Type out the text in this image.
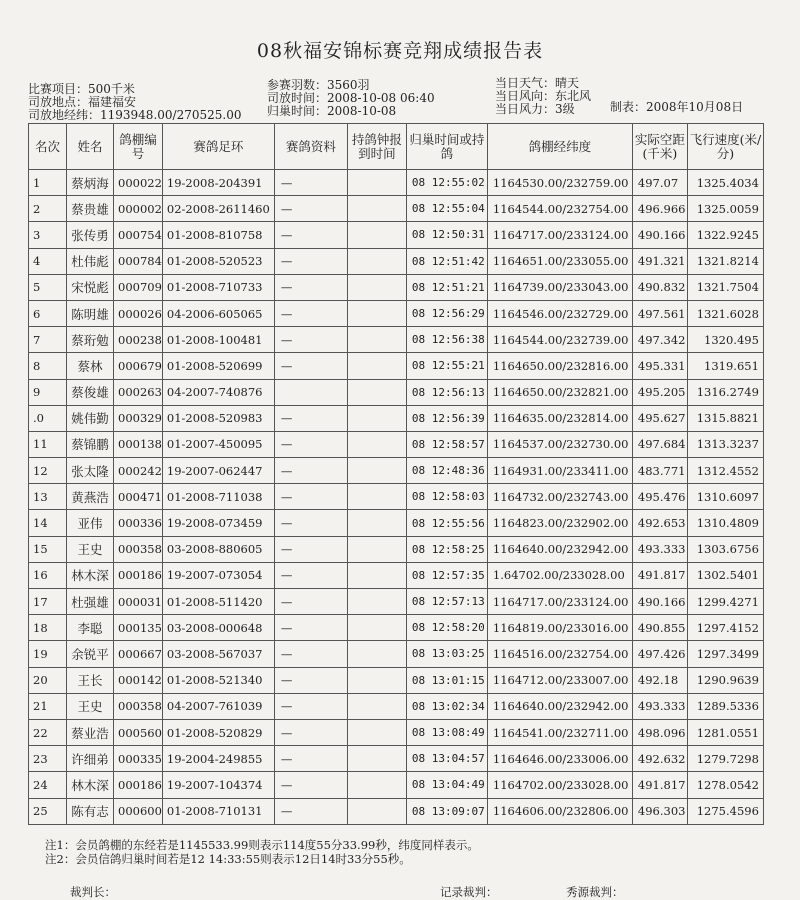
08秋福安锦标赛竞翔成绩报告表
比赛项目：500千米
司放地点：福建福安
司放地经纬：1193948.00/270525.00
参赛羽数：3560羽
司放时间：2008-10-08 06:40
归巢时间：2008-10-08
当日天气：晴天
当日风向：东北风
当日风力：3级	制表：2008年10月08日
名次	姓名	鸽棚编号	赛鸽足环	赛鸽资料	持鸽钟报到时间	归巢时间或持鸽	鸽棚经纬度	实际空距(千米)	飞行速度(米/分)
1	蔡炳海	000022	19-2008-204391	—		08 12:55:02	1164530.00/232759.00	497.07	1325.4034
2	蔡贵雄	000002	02-2008-2611460	—		08 12:55:04	1164544.00/232754.00	496.966	1325.0059
3	张传勇	000754	01-2008-810758	—		08 12:50:31	1164717.00/233124.00	490.166	1322.9245
4	杜伟彪	000784	01-2008-520523	—		08 12:51:42	1164651.00/233055.00	491.321	1321.8214
5	宋悦彪	000709	01-2008-710733	—		08 12:51:21	1164739.00/233043.00	490.832	1321.7504
6	陈明雄	000026	04-2006-605065	—		08 12:56:29	1164546.00/232729.00	497.561	1321.6028
7	蔡珩勉	000238	01-2008-100481	—		08 12:56:38	1164544.00/232739.00	497.342	1320.495
8	蔡林	000679	01-2008-520699	—		08 12:55:21	1164650.00/232816.00	495.331	1319.651
9	蔡俊雄	000263	04-2007-740876			08 12:56:13	1164650.00/232821.00	495.205	1316.2749
.0	姚伟勤	000329	01-2008-520983	—		08 12:56:39	1164635.00/232814.00	495.627	1315.8821
11	蔡锦鹏	000138	01-2007-450095	—		08 12:58:57	1164537.00/232730.00	497.684	1313.3237
12	张太隆	000242	19-2007-062447	—		08 12:48:36	1164931.00/233411.00	483.771	1312.4552
13	黄燕浩	000471	01-2008-711038	—		08 12:58:03	1164732.00/232743.00	495.476	1310.6097
14	亚伟	000336	19-2008-073459	—		08 12:55:56	1164823.00/232902.00	492.653	1310.4809
15	王史	000358	03-2008-880605	—		08 12:58:25	1164640.00/232942.00	493.333	1303.6756
16	林木深	000186	19-2007-073054	—		08 12:57:35	1.64702.00/233028.00	491.817	1302.5401
17	杜强雄	000031	01-2008-511420	—		08 12:57:13	1164717.00/233124.00	490.166	1299.4271
18	李聪	000135	03-2008-000648	—		08 12:58:20	1164819.00/233016.00	490.855	1297.4152
19	余锐平	000667	03-2008-567037	—		08 13:03:25	1164516.00/232754.00	497.426	1297.3499
20	王长	000142	01-2008-521340	—		08 13:01:15	1164712.00/233007.00	492.18	1290.9639
21	王史	000358	04-2007-761039	—		08 13:02:34	1164640.00/232942.00	493.333	1289.5336
22	蔡业浩	000560	01-2008-520829	—		08 13:08:49	1164541.00/232711.00	498.096	1281.0551
23	许细弟	000335	19-2004-249855	—		08 13:04:57	1164646.00/233006.00	492.632	1279.7298
24	林木深	000186	19-2007-104374	—		08 13:04:49	1164702.00/233028.00	491.817	1278.0542
25	陈有志	000600	01-2008-710131	—		08 13:09:07	1164606.00/232806.00	496.303	1275.4596
注1：会员鸽棚的东经若是1145533.99则表示114度55分33.99秒，纬度同样表示。
注2：会员信鸽归巢时间若是12 14:33:55则表示12日14时33分55秒。
裁判长：	记录裁判：	秀源裁判：
